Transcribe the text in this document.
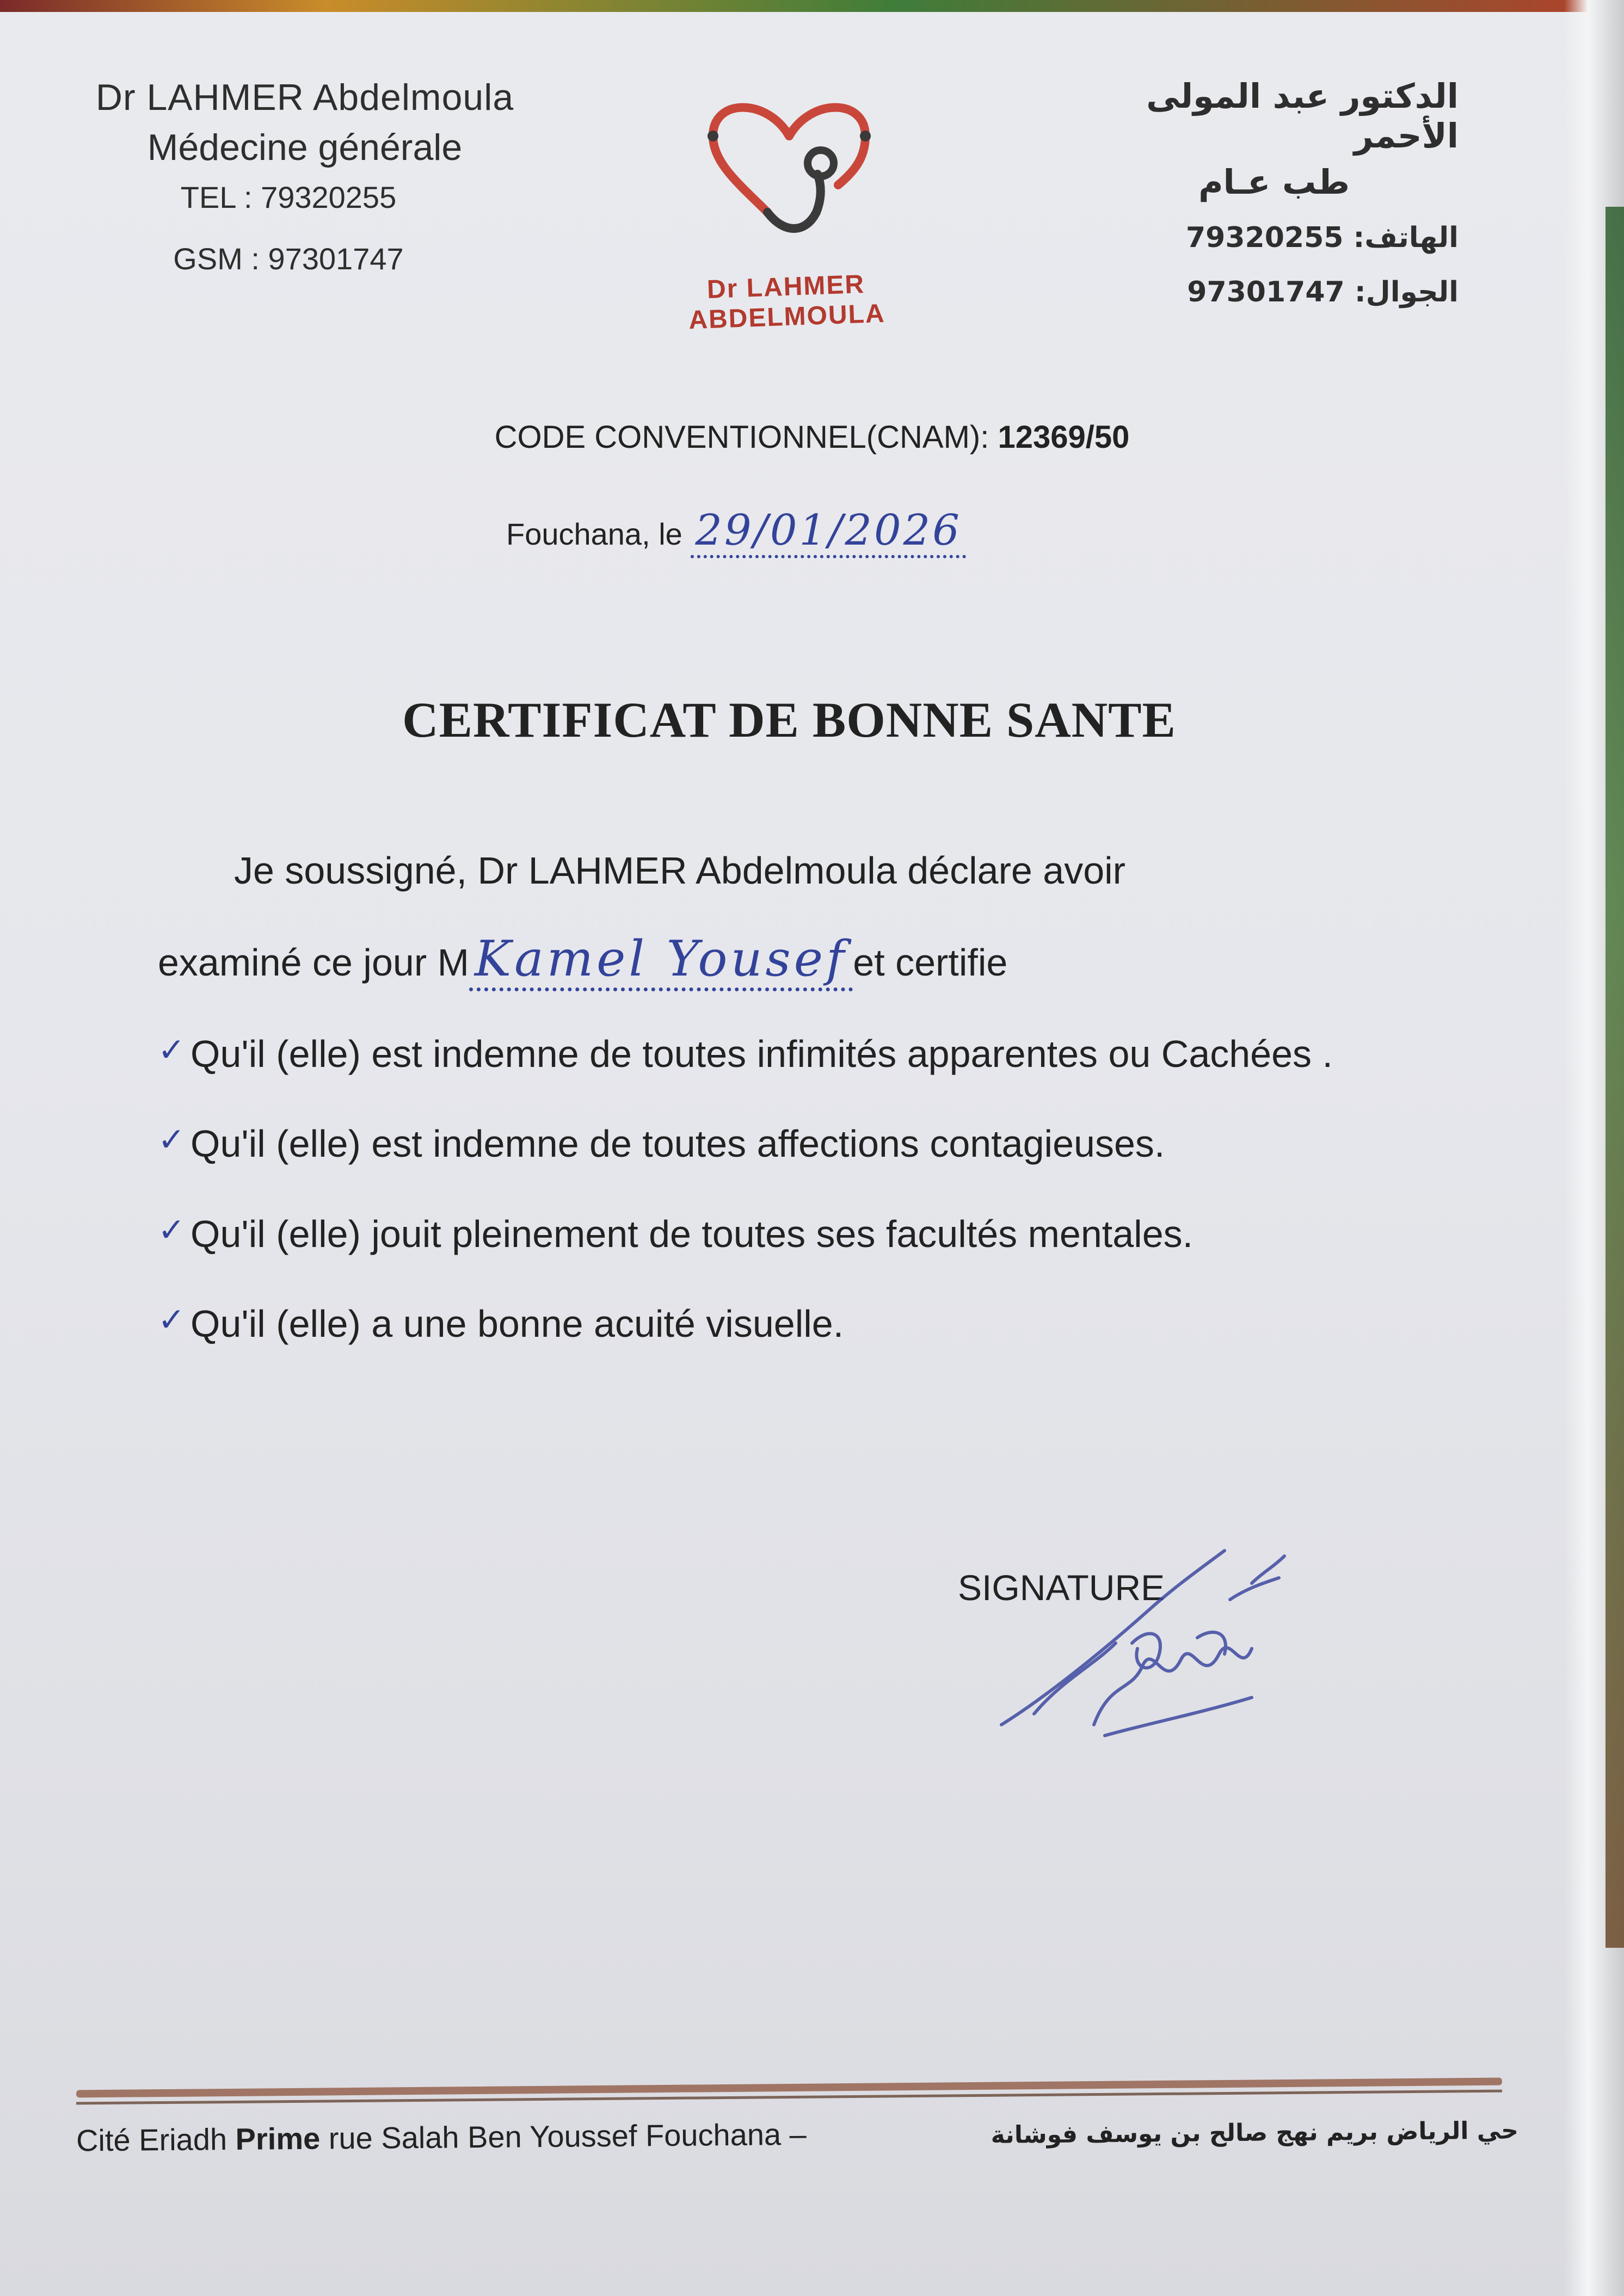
Dr LAHMER Abdelmoula
Médecine générale
TEL : 79320255
GSM : 97301747
Dr LAHMER ABDELMOULA
الدكتور عبد المولى الأحمر
طب عـام
الهاتف: 79320255
الجوال: 97301747
CODE CONVENTIONNEL(CNAM): 12369/50
Fouchana, le 29/01/2026
CERTIFICAT DE BONNE SANTE
Je soussigné, Dr LAHMER Abdelmoula déclare avoir
examiné ce jour M Kamel Yousef et certifie
✓ Qu'il (elle) est indemne de toutes infimités apparentes ou Cachées .
✓ Qu'il (elle) est indemne de toutes affections contagieuses.
✓ Qu'il (elle) jouit pleinement de toutes ses facultés mentales.
✓ Qu'il (elle) a une bonne acuité visuelle.
SIGNATURE
Cité Eriadh Prime rue Salah Ben Youssef Fouchana –	حي الرياض بريم نهج صالح بن يوسف فوشانة
